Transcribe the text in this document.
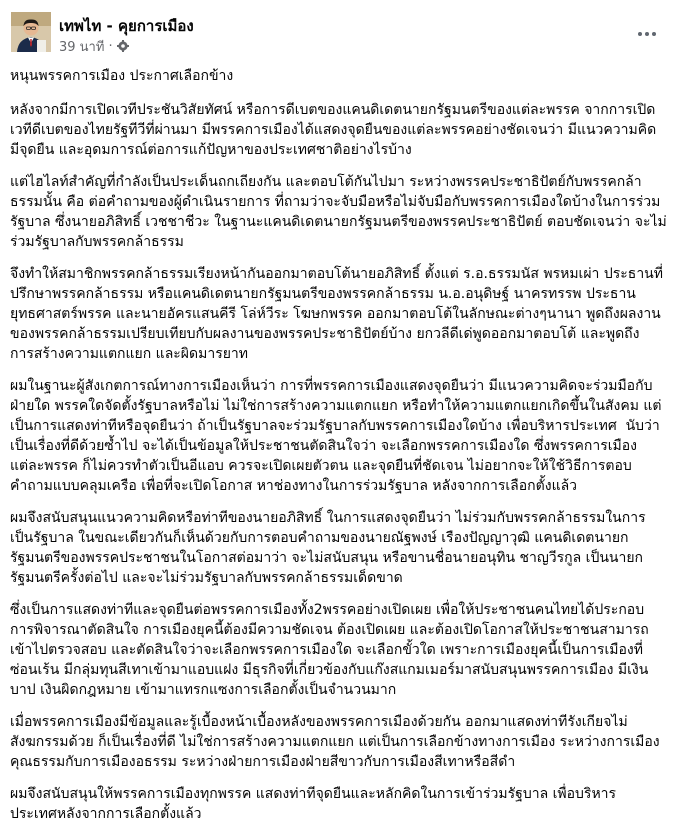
เทพไท - คุยการเมือง
39 นาที ·

หนุนพรรคการเมือง ประกาศเลือกข้าง

หลังจากมีการเปิดเวทีประชันวิสัยทัศน์ หรือการดีเบตของแคนดิเดตนายกรัฐมนตรีของแต่ละพรรค จากการเปิด
เวทีดีเบตของไทยรัฐทีวีที่ผ่านมา มีพรรคการเมืองได้แสดงจุดยืนของแต่ละพรรคอย่างชัดเจนว่า มีแนวความคิด
มีจุดยืน และอุดมการณ์ต่อการแก้ปัญหาของประเทศชาติอย่างไรบ้าง

แต่ไฮไลท์สำคัญที่กำลังเป็นประเด็นถกเถียงกัน และตอบโต้กันไปมา ระหว่างพรรคประชาธิปัตย์กับพรรคกล้า
ธรรมนั้น คือ ต่อคำถามของผู้ดำเนินรายการ ที่ถามว่าจะจับมือหรือไม่จับมือกับพรรคการเมืองใดบ้างในการร่วม
รัฐบาล ซึ่งนายอภิสิทธิ์ เวชชาชีวะ ในฐานะแคนดิเดตนายกรัฐมนตรีของพรรคประชาธิปัตย์ ตอบชัดเจนว่า จะไม่
ร่วมรัฐบาลกับพรรคกล้าธรรม

จึงทำให้สมาชิกพรรคกล้าธรรมเรียงหน้ากันออกมาตอบโต้นายอภิสิทธิ์ ตั้งแต่ ร.อ.ธรรมนัส พรหมเผ่า ประธานที่
ปรึกษาพรรคกล้าธรรม หรือแคนดิเดตนายกรัฐมนตรีของพรรคกล้าธรรม น.อ.อนุดิษฐ์ นาครทรรพ ประธาน
ยุทธศาสตร์พรรค และนายอัครแสนคีรี โล่ห์วีระ โฆษกพรรค ออกมาตอบโต้ในลักษณะต่างๆนานา พูดถึงผลงาน
ของพรรคกล้าธรรมเปรียบเทียบกับผลงานของพรรคประชาธิปัตย์บ้าง ยกวลีดีเด่พูดออกมาตอบโต้ และพูดถึง
การสร้างความแตกแยก และผิดมารยาท

ผมในฐานะผู้สังเกตการณ์ทางการเมืองเห็นว่า การที่พรรคการเมืองแสดงจุดยืนว่า มีแนวความคิดจะร่วมมือกับ
ฝ่ายใด พรรคใดจัดตั้งรัฐบาลหรือไม่ ไม่ใช่การสร้างความแตกแยก หรือทำให้ความแตกแยกเกิดขึ้นในสังคม แต่
เป็นการแสดงท่าทีหรือจุดยืนว่า ถ้าเป็นรัฐบาลจะร่วมรัฐบาลกับพรรคการเมืองใดบ้าง เพื่อบริหารประเทศ  นับว่า
เป็นเรื่องที่ดีด้วยซ้ำไป จะได้เป็นข้อมูลให้ประชาชนตัดสินใจว่า จะเลือกพรรคการเมืองใด ซึ่งพรรคการเมือง
แต่ละพรรค ก็ไม่ควรทำตัวเป็นอีแอบ ควรจะเปิดเผยตัวตน และจุดยืนที่ชัดเจน ไม่อยากจะให้ใช้วิธีการตอบ
คำถามแบบคลุมเครือ เพื่อที่จะเปิดโอกาส หาช่องทางในการร่วมรัฐบาล หลังจากการเลือกตั้งแล้ว

ผมจึงสนับสนุนแนวความคิดหรือท่าทีของนายอภิสิทธิ์ ในการแสดงจุดยืนว่า ไม่ร่วมกับพรรคกล้าธรรมในการ
เป็นรัฐบาล ในขณะเดียวกันก็เห็นด้วยกับการตอบคำถามของนายณัฐพงษ์ เรืองปัญญาวุฒิ แคนดิเดตนายก
รัฐมนตรีของพรรคประชาชนในโอกาสต่อมาว่า จะไม่สนับสนุน หรือขานชื่อนายอนุทิน ชาญวีรกูล เป็นนายก
รัฐมนตรีครั้งต่อไป และจะไม่ร่วมรัฐบาลกับพรรคกล้าธรรมเด็ดขาด

ซึ่งเป็นการแสดงท่าทีและจุดยืนต่อพรรคการเมืองทั้ง2พรรคอย่างเปิดเผย เพื่อให้ประชาชนคนไทยได้ประกอบ
การพิจารณาตัดสินใจ การเมืองยุคนี้ต้องมีความชัดเจน ต้องเปิดเผย และต้องเปิดโอกาสให้ประชาชนสามารถ
เข้าไปตรวจสอบ และตัดสินใจว่าจะเลือกพรรคการเมืองใด จะเลือกขั้วใด เพราะการเมืองยุคนี้เป็นการเมืองที่
ซ่อนเร้น มีกลุ่มทุนสีเทาเข้ามาแอบแฝง มีธุรกิจที่เกี่ยวข้องกับแก๊งสแกมเมอร์มาสนับสนุนพรรคการเมือง มีเงิน
บาป เงินผิดกฎหมาย เข้ามาแทรกแซงการเลือกตั้งเป็นจำนวนมาก

เมื่อพรรคการเมืองมีข้อมูลและรู้เบื้องหน้าเบื้องหลังของพรรคการเมืองด้วยกัน ออกมาแสดงท่าทีรังเกียจไม่
สังฆกรรมด้วย ก็เป็นเรื่องที่ดี ไม่ใช่การสร้างความแตกแยก แต่เป็นการเลือกข้างทางการเมือง ระหว่างการเมือง
คุณธรรมกับการเมืองอธรรม ระหว่างฝ่ายการเมืองฝ่ายสีขาวกับการเมืองสีเทาหรือสีดำ

ผมจึงสนับสนุนให้พรรคการเมืองทุกพรรค แสดงท่าทีจุดยืนและหลักคิดในการเข้าร่วมรัฐบาล เพื่อบริหาร
ประเทศหลังจากการเลือกตั้งแล้ว
